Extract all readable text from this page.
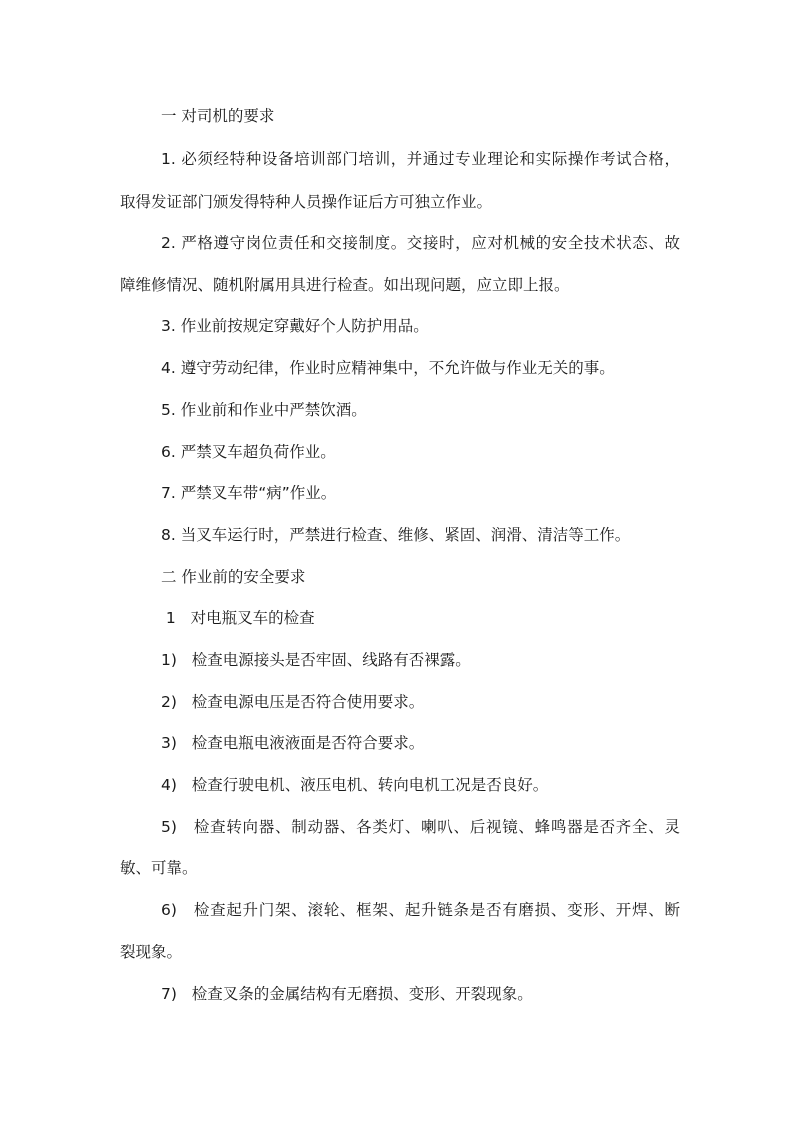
一 对司机的要求
1. 必须经特种设备培训部门培训，并通过专业理论和实际操作考试合格，
取得发证部门颁发得特种人员操作证后方可独立作业。
2. 严格遵守岗位责任和交接制度。交接时，应对机械的安全技术状态、故
障维修情况、随机附属用具进行检查。如出现问题，应立即上报。
3. 作业前按规定穿戴好个人防护用品。
4. 遵守劳动纪律，作业时应精神集中，不允许做与作业无关的事。
5. 作业前和作业中严禁饮酒。
6. 严禁叉车超负荷作业。
7. 严禁叉车带“病”作业。
8. 当叉车运行时，严禁进行检查、维修、紧固、润滑、清洁等工作。
二 作业前的安全要求
1   对电瓶叉车的检查
1)   检查电源接头是否牢固、线路有否裸露。
2)   检查电源电压是否符合使用要求。
3)   检查电瓶电液液面是否符合要求。
4)   检查行驶电机、液压电机、转向电机工况是否良好。
5)   检查转向器、制动器、各类灯、喇叭、后视镜、蜂鸣器是否齐全、灵
敏、可靠。
6)   检查起升门架、滚轮、框架、起升链条是否有磨损、变形、开焊、断
裂现象。
7)   检查叉条的金属结构有无磨损、变形、开裂现象。
